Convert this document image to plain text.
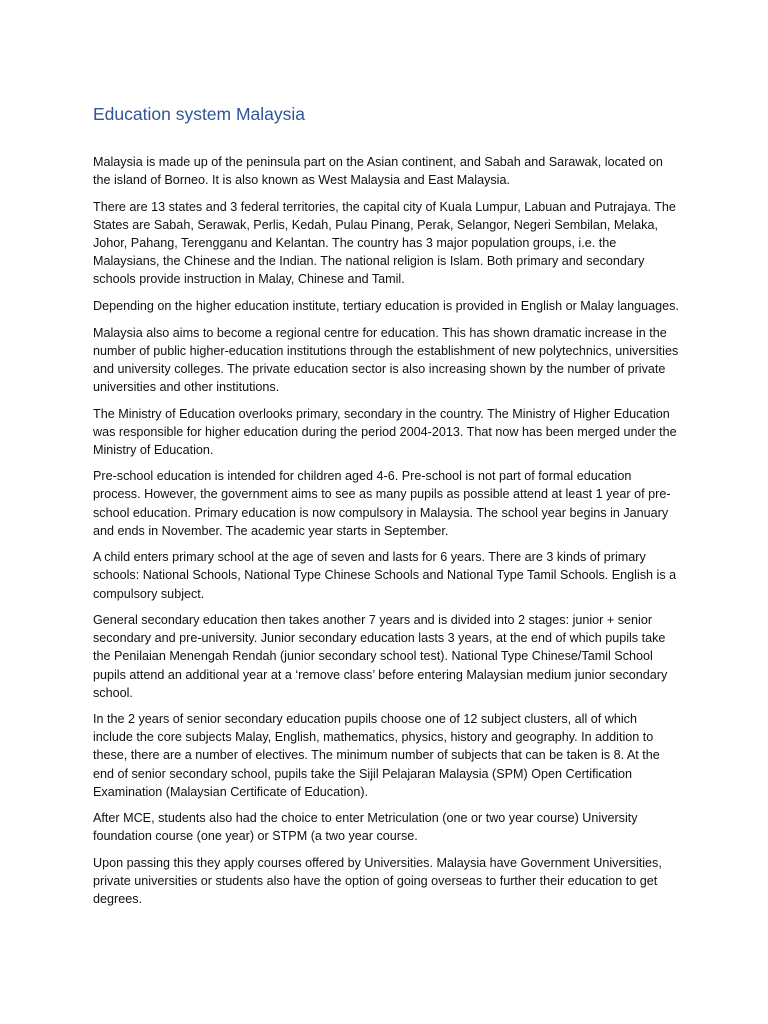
Education system Malaysia

Malaysia is made up of the peninsula part on the Asian continent, and Sabah and Sarawak, located on the island of Borneo. It is also known as West Malaysia and East Malaysia.

There are 13 states and 3 federal territories, the capital city of Kuala Lumpur, Labuan and Putrajaya. The States are Sabah, Serawak, Perlis, Kedah, Pulau Pinang, Perak, Selangor, Negeri Sembilan, Melaka, Johor, Pahang, Terengganu and Kelantan. The country has 3 major population groups, i.e. the Malaysians, the Chinese and the Indian. The national religion is Islam. Both primary and secondary schools provide instruction in Malay, Chinese and Tamil.

Depending on the higher education institute, tertiary education is provided in English or Malay languages.

Malaysia also aims to become a regional centre for education. This has shown dramatic increase in the number of public higher-education institutions through the establishment of new polytechnics, universities and university colleges. The private education sector is also increasing shown by the number of private universities and other institutions.

The Ministry of Education overlooks primary, secondary in the country. The Ministry of Higher Education was responsible for higher education during the period 2004-2013. That now has been merged under the Ministry of Education.

Pre-school education is intended for children aged 4-6. Pre-school is not part of formal education process. However, the government aims to see as many pupils as possible attend at least 1 year of pre-school education. Primary education is now compulsory in Malaysia. The school year begins in January and ends in November. The academic year starts in September.

A child enters primary school at the age of seven and lasts for 6 years. There are 3 kinds of primary schools: National Schools, National Type Chinese Schools and National Type Tamil Schools. English is a compulsory subject.

General secondary education then takes another 7 years and is divided into 2 stages: junior + senior secondary and pre-university. Junior secondary education lasts 3 years, at the end of which pupils take the Penilaian Menengah Rendah (junior secondary school test). National Type Chinese/Tamil School pupils attend an additional year at a ‘remove class’ before entering Malaysian medium junior secondary school.

In the 2 years of senior secondary education pupils choose one of 12 subject clusters, all of which include the core subjects Malay, English, mathematics, physics, history and geography. In addition to these, there are a number of electives. The minimum number of subjects that can be taken is 8. At the end of senior secondary school, pupils take the Sijil Pelajaran Malaysia (SPM) Open Certification Examination (Malaysian Certificate of Education).

After MCE, students also had the choice to enter Metriculation (one or two year course) University foundation course (one year) or STPM (a two year course.

Upon passing this they apply courses offered by Universities. Malaysia have Government Universities, private universities or students also have the option of going overseas to further their education to get degrees.
